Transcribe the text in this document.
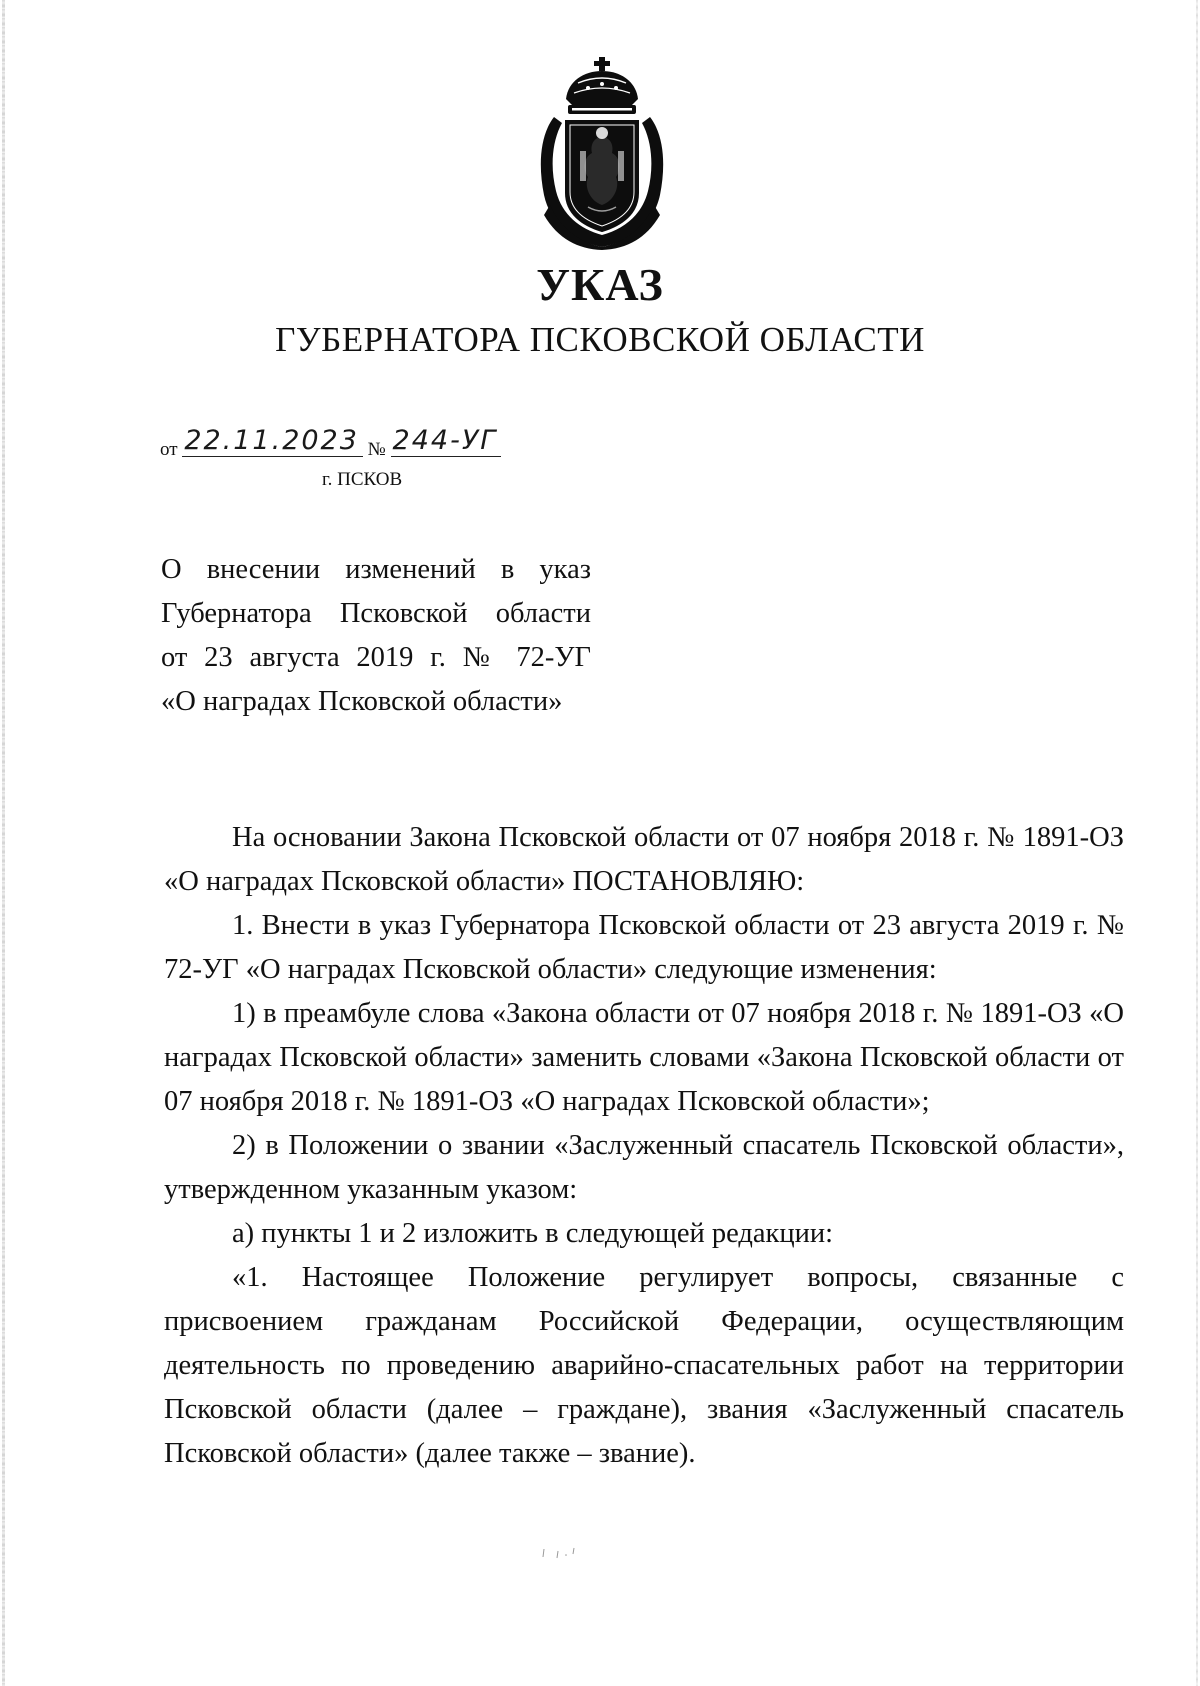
УКАЗ
ГУБЕРНАТОРА ПСКОВСКОЙ ОБЛАСТИ
от 22.11.2023 № 244-УГ
г. ПСКОВ
О внесении изменений в указ
Губернатора Псковской области
от 23 августа 2019 г. № 72-УГ
«О наградах Псковской области»

На основании Закона Псковской области от 07 ноября 2018 г. № 1891-ОЗ «О наградах Псковской области» ПОСТАНОВЛЯЮ:

1. Внести в указ Губернатора Псковской области от 23 августа 2019 г. № 72-УГ «О наградах Псковской области» следующие изменения:

1) в преамбуле слова «Закона области от 07 ноября 2018 г. № 1891-ОЗ «О наградах Псковской области» заменить словами «Закона Псковской области от 07 ноября 2018 г. № 1891-ОЗ «О наградах Псковской области»;

2) в Положении о звании «Заслуженный спасатель Псковской области», утвержденном указанным указом:

а) пункты 1 и 2 изложить в следующей редакции:

«1. Настоящее Положение регулирует вопросы, связанные с присвоением гражданам Российской Федерации, осуществляющим деятельность по проведению аварийно-спасательных работ на территории Псковской области (далее – граждане), звания «Заслуженный спасатель Псковской области» (далее также – звание).
